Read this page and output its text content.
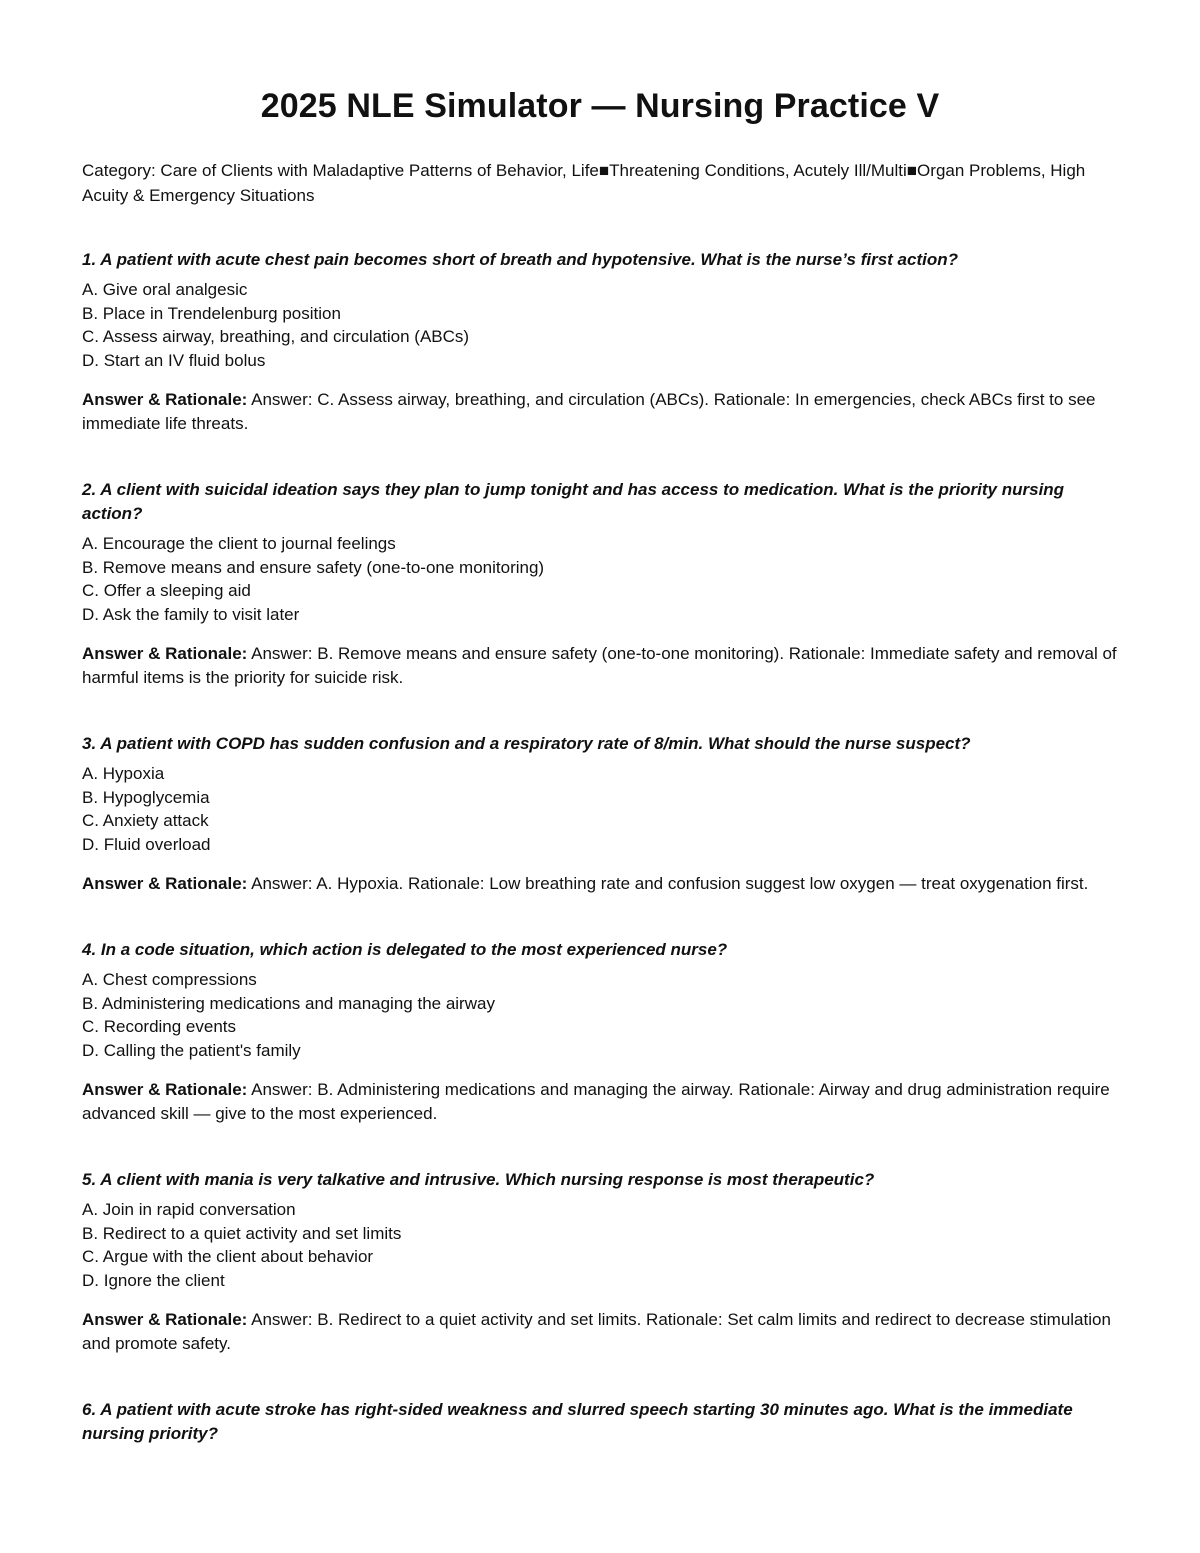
2025 NLE Simulator — Nursing Practice V

Category: Care of Clients with Maladaptive Patterns of Behavior, Life■Threatening Conditions, Acutely Ill/Multi■Organ Problems, High Acuity & Emergency Situations

1. A patient with acute chest pain becomes short of breath and hypotensive. What is the nurse’s first action?

A. Give oral analgesic
B. Place in Trendelenburg position
C. Assess airway, breathing, and circulation (ABCs)
D. Start an IV fluid bolus

Answer & Rationale: Answer: C. Assess airway, breathing, and circulation (ABCs). Rationale: In emergencies, check ABCs first to see immediate life threats.

2. A client with suicidal ideation says they plan to jump tonight and has access to medication. What is the priority nursing action?

A. Encourage the client to journal feelings
B. Remove means and ensure safety (one-to-one monitoring)
C. Offer a sleeping aid
D. Ask the family to visit later

Answer & Rationale: Answer: B. Remove means and ensure safety (one-to-one monitoring). Rationale: Immediate safety and removal of harmful items is the priority for suicide risk.

3. A patient with COPD has sudden confusion and a respiratory rate of 8/min. What should the nurse suspect?

A. Hypoxia
B. Hypoglycemia
C. Anxiety attack
D. Fluid overload

Answer & Rationale: Answer: A. Hypoxia. Rationale: Low breathing rate and confusion suggest low oxygen — treat oxygenation first.

4. In a code situation, which action is delegated to the most experienced nurse?

A. Chest compressions
B. Administering medications and managing the airway
C. Recording events
D. Calling the patient's family

Answer & Rationale: Answer: B. Administering medications and managing the airway. Rationale: Airway and drug administration require advanced skill — give to the most experienced.

5. A client with mania is very talkative and intrusive. Which nursing response is most therapeutic?

A. Join in rapid conversation
B. Redirect to a quiet activity and set limits
C. Argue with the client about behavior
D. Ignore the client

Answer & Rationale: Answer: B. Redirect to a quiet activity and set limits. Rationale: Set calm limits and redirect to decrease stimulation and promote safety.

6. A patient with acute stroke has right-sided weakness and slurred speech starting 30 minutes ago. What is the immediate nursing priority?
